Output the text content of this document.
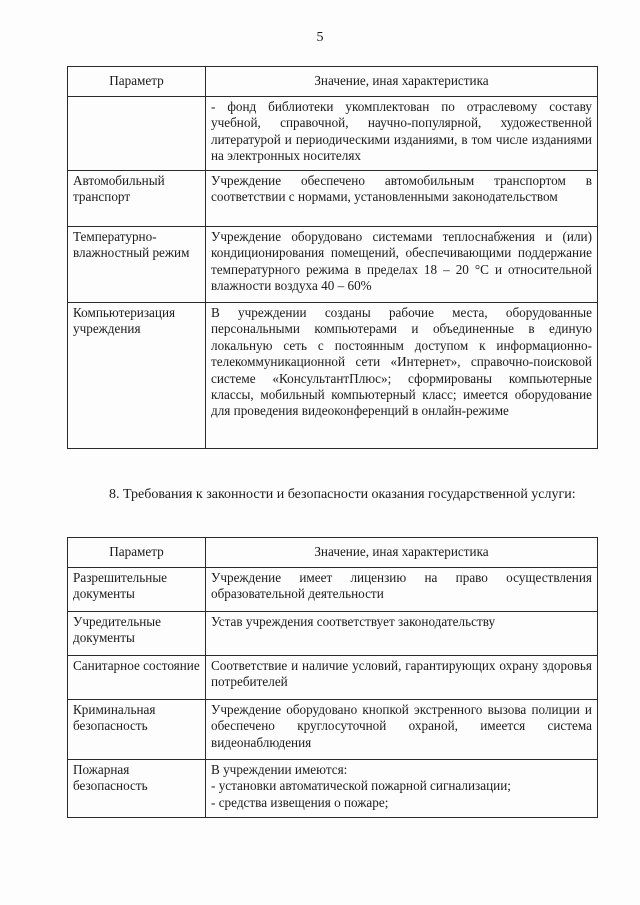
5
Параметр	Значение, иная характеристика
	- фонд библиотеки укомплектован по отраслевому составу учебной, справочной, научно-популярной, художественной литературой и периодическими изданиями, в том числе изданиями на электронных носителях
Автомобильный транспорт	Учреждение обеспечено автомобильным транспортом в соответствии с нормами, установленными законодательством
Температурно-влажностный режим	Учреждение оборудовано системами теплоснабжения и (или) кондиционирования помещений, обеспечивающими поддержание температурного режима в пределах 18 – 20 °С и относительной влажности воздуха 40 – 60%
Компьютеризация учреждения	В учреждении созданы рабочие места, оборудованные персональными компьютерами и объединенные в единую локальную сеть с постоянным доступом к информационно-телекоммуникационной сети «Интернет», справочно-поисковой системе «КонсультантПлюс»; сформированы компьютерные классы, мобильный компьютерный класс; имеется оборудование для проведения видеоконференций в онлайн-режиме
8. Требования к законности и безопасности оказания государственной услуги:
Параметр	Значение, иная характеристика
Разрешительные документы	Учреждение имеет лицензию на право осуществления образовательной деятельности
Учредительные документы	Устав учреждения соответствует законодательству
Санитарное состояние	Соответствие и наличие условий, гарантирующих охрану здоровья потребителей
Криминальная безопасность	Учреждение оборудовано кнопкой экстренного вызова полиции и обеспечено круглосуточной охраной, имеется система видеонаблюдения
Пожарная безопасность	В учреждении имеются:
- установки автоматической пожарной сигнализации;
- средства извещения о пожаре;
